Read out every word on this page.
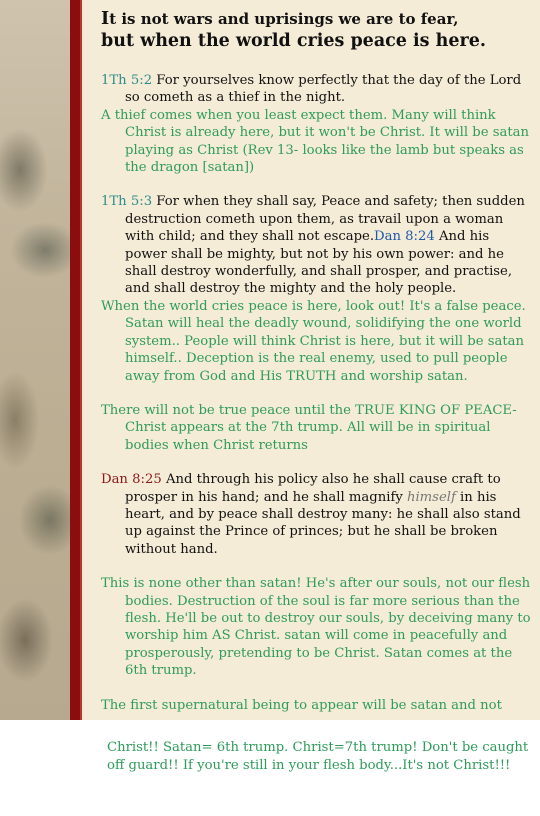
It is not wars and uprisings we are to fear,
but when the world cries peace is here.

1Th 5:2 For yourselves know perfectly that the day of the Lord so cometh as a thief in the night.

A thief comes when you least expect them. Many will think Christ is already here, but it won't be Christ. It will be satan playing as Christ (Rev 13- looks like the lamb but speaks as the dragon [satan])

1Th 5:3 For when they shall say, Peace and safety; then sudden destruction cometh upon them, as travail upon a woman with child; and they shall not escape.Dan 8:24 And his power shall be mighty, but not by his own power: and he shall destroy wonderfully, and shall prosper, and practise, and shall destroy the mighty and the holy people.

When the world cries peace is here, look out! It's a false peace. Satan will heal the deadly wound, solidifying the one world system.. People will think Christ is here, but it will be satan himself.. Deception is the real enemy, used to pull people away from God and His TRUTH and worship satan.

There will not be true peace until the TRUE KING OF PEACE- Christ appears at the 7th trump. All will be in spiritual bodies when Christ returns

Dan 8:25 And through his policy also he shall cause craft to prosper in his hand; and he shall magnify himself in his heart, and by peace shall destroy many: he shall also stand up against the Prince of princes; but he shall be broken without hand.

This is none other than satan! He's after our souls, not our flesh bodies. Destruction of the soul is far more serious than the flesh. He'll be out to destroy our souls, by deceiving many to worship him AS Christ. satan will come in peacefully and prosperously, pretending to be Christ. Satan comes at the 6th trump.

The first supernatural being to appear will be satan and not

Christ!! Satan= 6th trump. Christ=7th trump! Don't be caught off guard!! If you're still in your flesh body...It's not Christ!!!
